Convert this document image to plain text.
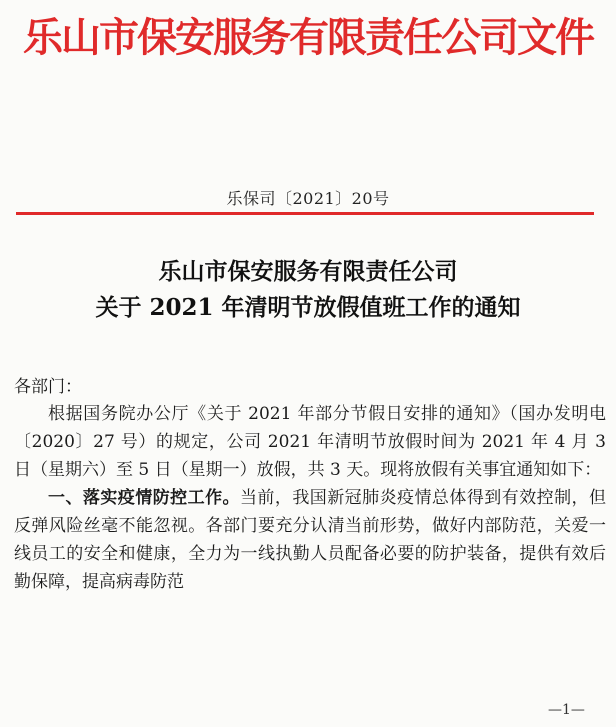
乐山市保安服务有限责任公司文件
乐保司〔2021〕20号
乐山市保安服务有限责任公司
关于 2021 年清明节放假值班工作的通知
各部门：

根据国务院办公厅《关于 2021 年部分节假日安排的通知》（国办发明电〔2020〕27 号）的规定，公司 2021 年清明节放假时间为 2021 年 4 月 3 日（星期六）至 5 日（星期一）放假，共 3 天。现将放假有关事宜通知如下：

一、落实疫情防控工作。当前，我国新冠肺炎疫情总体得到有效控制，但反弹风险丝毫不能忽视。各部门要充分认清当前形势，做好内部防范，关爱一线员工的安全和健康，全力为一线执勤人员配备必要的防护装备，提供有效后勤保障，提高病毒防范

—1—
